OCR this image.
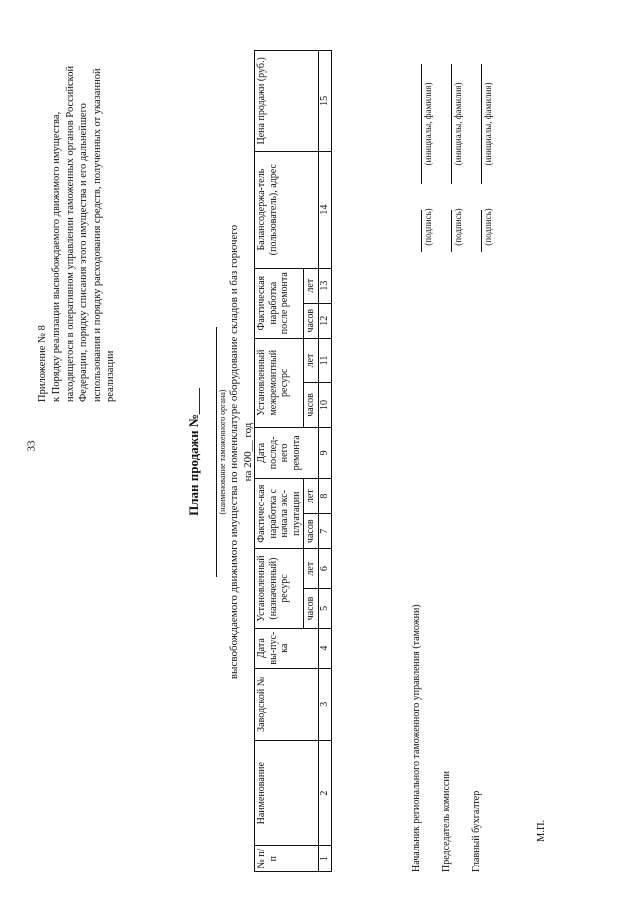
33
Приложение № 8 к Порядку реализации высвобождаемого движимого имущества, находящегося в оперативном управлении таможенных органов Российской Федерации, порядку списания этого имущества и его дальнейшего использования и порядку расходования средств, полученных от указанной реализации
План продажи №____ (наименование таможенного органа) высвобождаемого движимого имущества по номенклатуре оборудование складов и баз горючего на 200__ год
№ п/п	Наименование	Заводской №	Дата вы-пус-ка	Установленный (назначенный) ресурс		Фактичес-кая наработка с начала экс-плуатации		Дата послед-него ремонта	Установленный межремонтный ресурс		Фактическая наработка после ремонта		Балансодержа-тель (пользователь), адрес	Цена продажи (руб.)
				часов	лет	часов	лет		часов	лет	часов	лет		
1	2	3	4	5	6	7	8	9	10	11	12	13	14	15
Начальник регионального таможенного управления (таможни)
(подпись)
(инициалы, фамилия)
Председатель комиссии
(подпись)
(инициалы, фамилия)
Главный бухгалтер
(подпись)
(инициалы, фамилия)
М.П.
